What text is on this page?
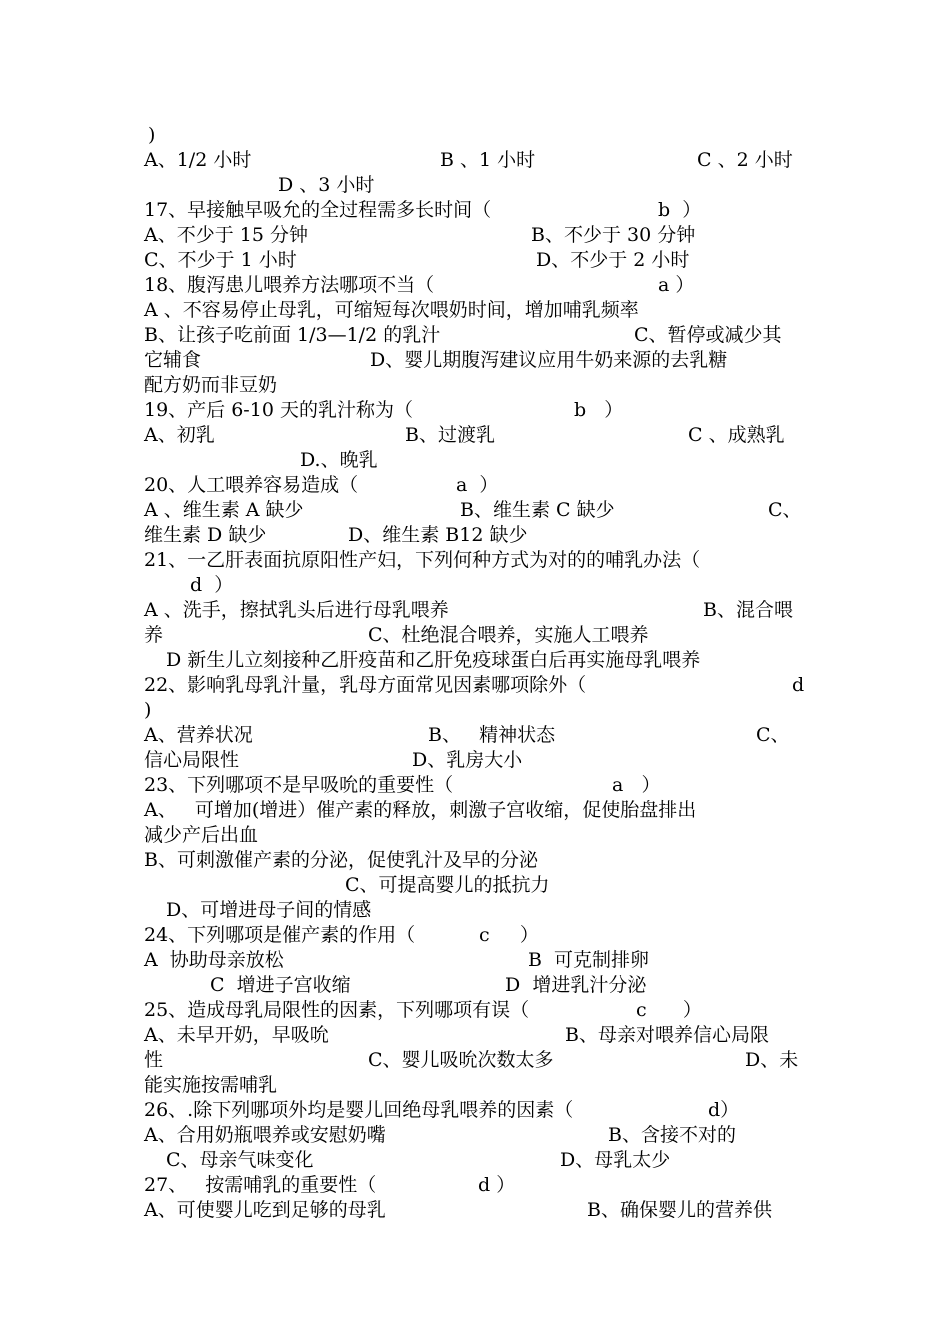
)
A、1/2 小时	B 、1 小时	C 、2 小时
D 、3 小时
17、早接触早吸允的全过程需多长时间（	b  ）
A、不少于 15 分钟	B、不少于 30 分钟
C、不少于 1 小时	D、不少于 2 小时
18、腹泻患儿喂养方法哪项不当（	a ）
A 、不容易停止母乳，可缩短每次喂奶时间，增加哺乳频率
B、让孩子吃前面 1/3—1/2 的乳汁	C、暂停或减少其
它辅食	D、婴儿期腹泻建议应用牛奶来源的去乳糖
配方奶而非豆奶
19、产后 6-10 天的乳汁称为（	b   ）
A、初乳	B、过渡乳	C 、成熟乳
D.、晚乳
20、人工喂养容易造成（	a  ）
A 、维生素 A 缺少	B、维生素 C 缺少	C、
维生素 D 缺少	D、维生素 B12 缺少
21、一乙肝表面抗原阳性产妇，下列何种方式为对的的哺乳办法（
d  ）
A 、洗手，擦拭乳头后进行母乳喂养	B、混合喂
养	C、杜绝混合喂养，实施人工喂养
D 新生儿立刻接种乙肝疫苗和乙肝免疫球蛋白后再实施母乳喂养
22、影响乳母乳汁量，乳母方面常见因素哪项除外（	d
)
A、营养状况	B、   精神状态	C、
信心局限性	D、乳房大小
23、下列哪项不是早吸吮的重要性（	a   ）
A、   可增加(增进）催产素的释放，刺激子宫收缩，促使胎盘排出
减少产后出血
B、可刺激催产素的分泌，促使乳汁及早的分泌
C、可提高婴儿的抵抗力
D、可增进母子间的情感
24、下列哪项是催产素的作用（	c     ）
A  协助母亲放松	B  可克制排卵
C  增进子宫收缩	D  增进乳汁分泌
25、造成母乳局限性的因素，下列哪项有误（	c      ）
A、未早开奶，早吸吮	B、母亲对喂养信心局限
性	C、婴儿吸吮次数太多	D、未
能实施按需哺乳
26、.除下列哪项外均是婴儿回绝母乳喂养的因素（	d）
A、合用奶瓶喂养或安慰奶嘴	B、含接不对的
C、母亲气味变化	D、母乳太少
27、   按需哺乳的重要性（	d ）
A、可使婴儿吃到足够的母乳	B、确保婴儿的营养供
